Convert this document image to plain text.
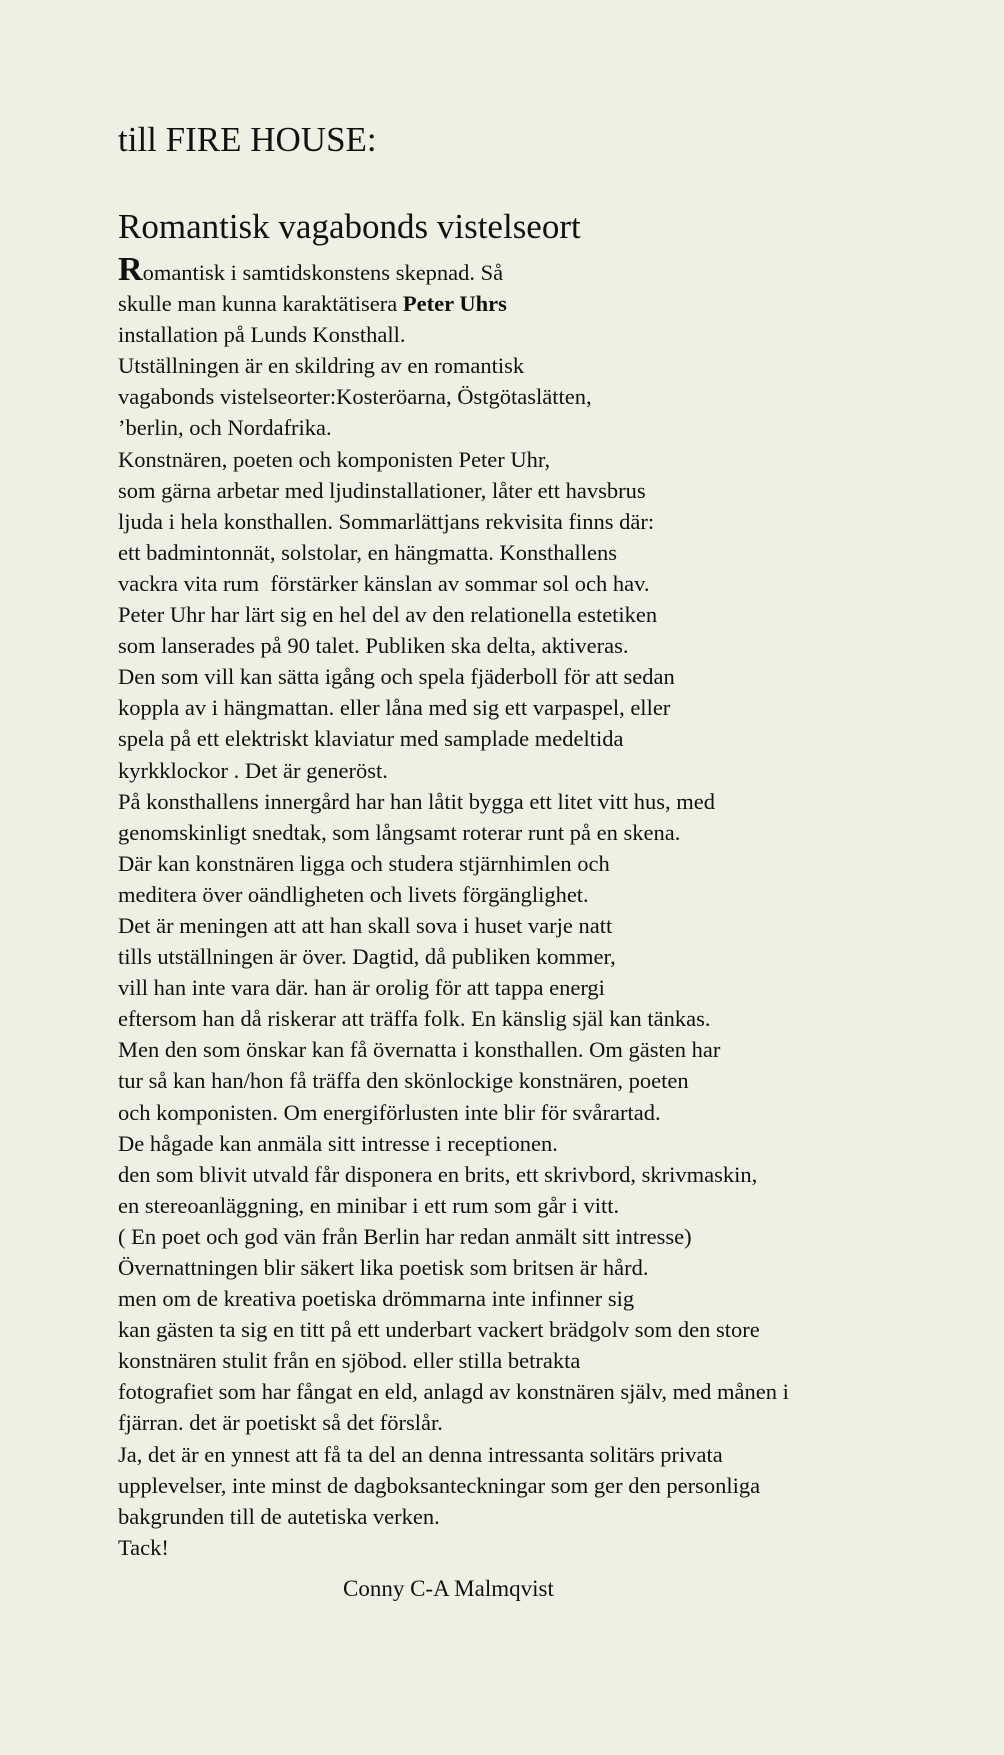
till FIRE HOUSE:
Romantisk vagabonds vistelseort
Romantisk i samtidskonstens skepnad. Så
skulle man kunna karaktätisera Peter Uhrs
installation på Lunds Konsthall.
Utställningen är en skildring av en romantisk
vagabonds vistelseorter:Kosteröarna, Östgötaslätten,
’berlin, och Nordafrika.
Konstnären, poeten och komponisten Peter Uhr,
som gärna arbetar med ljudinstallationer, låter ett havsbrus
ljuda i hela konsthallen. Sommarlättjans rekvisita finns där:
ett badmintonnät, solstolar, en hängmatta. Konsthallens
vackra vita rum  förstärker känslan av sommar sol och hav.
Peter Uhr har lärt sig en hel del av den relationella estetiken
som lanserades på 90 talet. Publiken ska delta, aktiveras.
Den som vill kan sätta igång och spela fjäderboll för att sedan
koppla av i hängmattan. eller låna med sig ett varpaspel, eller
spela på ett elektriskt klaviatur med samplade medeltida
kyrkklockor . Det är generöst.
På konsthallens innergård har han låtit bygga ett litet vitt hus, med
genomskinligt snedtak, som långsamt roterar runt på en skena.
Där kan konstnären ligga och studera stjärnhimlen och
meditera över oändligheten och livets förgänglighet.
Det är meningen att att han skall sova i huset varje natt
tills utställningen är över. Dagtid, då publiken kommer,
vill han inte vara där. han är orolig för att tappa energi
eftersom han då riskerar att träffa folk. En känslig själ kan tänkas.
Men den som önskar kan få övernatta i konsthallen. Om gästen har
tur så kan han/hon få träffa den skönlockige konstnären, poeten
och komponisten. Om energiförlusten inte blir för svårartad.
De hågade kan anmäla sitt intresse i receptionen.
den som blivit utvald får disponera en brits, ett skrivbord, skrivmaskin,
en stereoanläggning, en minibar i ett rum som går i vitt.
( En poet och god vän från Berlin har redan anmält sitt intresse)
Övernattningen blir säkert lika poetisk som britsen är hård.
men om de kreativa poetiska drömmarna inte infinner sig
kan gästen ta sig en titt på ett underbart vackert brädgolv som den store
konstnären stulit från en sjöbod. eller stilla betrakta
fotografiet som har fångat en eld, anlagd av konstnären själv, med månen i
fjärran. det är poetiskt så det förslår.
Ja, det är en ynnest att få ta del an denna intressanta solitärs privata
upplevelser, inte minst de dagboksanteckningar som ger den personliga
bakgrunden till de autetiska verken.
Tack!
Conny C-A Malmqvist
